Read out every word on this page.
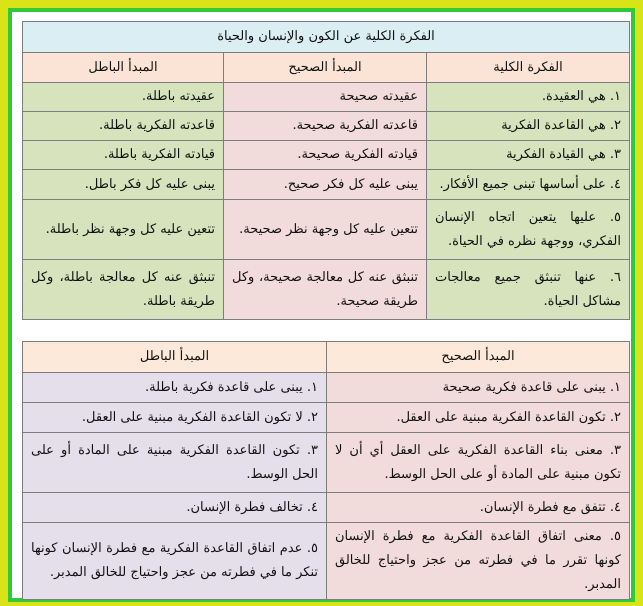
الفكرة الكلية عن الكون والإنسان والحياة		
الفكرة الكلية	المبدأ الصحيح	المبدأ الباطل
١. هي العقيدة.	عقيدته صحيحة	عقيدته باطلة.
٢. هي القاعدة الفكرية	قاعدته الفكرية صحيحة.	قاعدته الفكرية باطلة.
٣. هي القيادة الفكرية	قيادته الفكرية صحيحة.	قيادته الفكرية باطلة.
٤. على أساسها تبنى جميع الأفكار.	يبنى عليه كل فكر صحيح.	يبنى عليه كل فكر باطل.
٥. عليها يتعين اتجاه الإنسان الفكري، ووجهة نظره في الحياة.	تتعين عليه كل وجهة نظر صحيحة.	تتعين عليه كل وجهة نظر باطلة.
٦. عنها تنبثق جميع معالجات مشاكل الحياة.	تنبثق عنه كل معالجة صحيحة، وكل طريقة صحيحة.	تنبثق عنه كل معالجة باطلة، وكل طريقة باطلة.
المبدأ الصحيح	المبدأ الباطل
١. يبنى على قاعدة فكرية صحيحة	١. يبنى على قاعدة فكرية باطلة.
٢. تكون القاعدة الفكرية مبنية على العقل.	٢. لا تكون القاعدة الفكرية مبنية على العقل.
٣. معنى بناء القاعدة الفكرية على العقل أي أن لا تكون مبنية على المادة أو على الحل الوسط.	٣. تكون القاعدة الفكرية مبنية على المادة أو على الحل الوسط.
٤. تتفق مع فطرة الإنسان.	٤. تخالف فطرة الإنسان.
٥. معنى اتفاق القاعدة الفكرية مع فطرة الإنسان كونها تقرر ما في فطرته من عجز واحتياج للخالق المدبر.	٥. عدم اتفاق القاعدة الفكرية مع فطرة الإنسان كونها تنكر ما في فطرته من عجز واحتياج للخالق المدبر.
